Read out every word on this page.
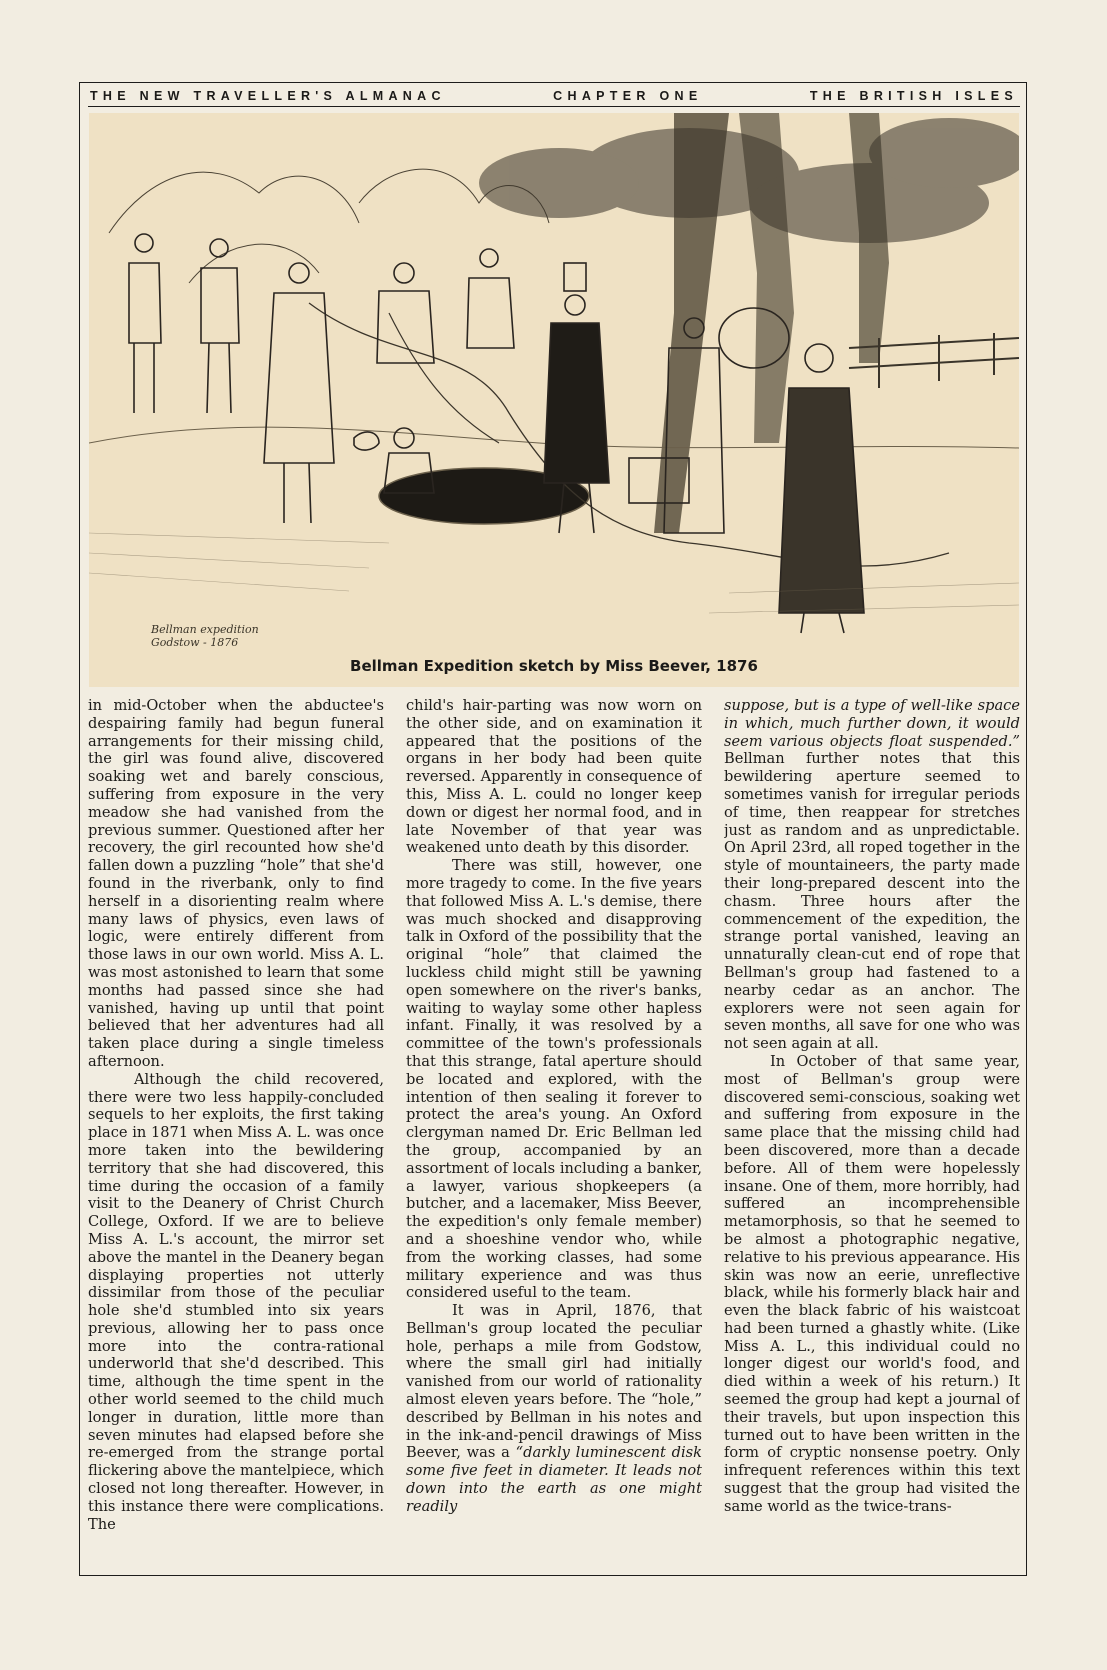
THE NEW TRAVELLER'S ALMANAC	CHAPTER ONE	THE BRITISH ISLES
Bellman expedition
Godstow - 1876
Bellman Expedition sketch by Miss Beever, 1876

in mid-October when the abductee's despairing family had begun funeral arrangements for their missing child, the girl was found alive, discovered soaking wet and barely conscious, suffering from exposure in the very meadow she had vanished from the previous summer. Questioned after her recovery, the girl recounted how she'd fallen down a puzzling “hole” that she'd found in the riverbank, only to find herself in a disorienting realm where many laws of physics, even laws of logic, were entirely different from those laws in our own world. Miss A. L. was most astonished to learn that some months had passed since she had vanished, having up until that point believed that her adventures had all taken place during a single timeless afternoon.

Although the child recovered, there were two less happily-concluded sequels to her exploits, the first taking place in 1871 when Miss A. L. was once more taken into the bewildering territory that she had discovered, this time during the occasion of a family visit to the Deanery of Christ Church College, Oxford. If we are to believe Miss A. L.'s account, the mirror set above the mantel in the Deanery began displaying properties not utterly dissimilar from those of the peculiar hole she'd stumbled into six years previous, allowing her to pass once more into the contra-rational underworld that she'd described. This time, although the time spent in the other world seemed to the child much longer in duration, little more than seven minutes had elapsed before she re-emerged from the strange portal flickering above the mantelpiece, which closed not long thereafter. However, in this instance there were complications. The

child's hair-parting was now worn on the other side, and on examination it appeared that the positions of the organs in her body had been quite reversed. Apparently in consequence of this, Miss A. L. could no longer keep down or digest her normal food, and in late November of that year was weakened unto death by this disorder.

There was still, however, one more tragedy to come. In the five years that followed Miss A. L.'s demise, there was much shocked and disapproving talk in Oxford of the possibility that the original “hole” that claimed the luckless child might still be yawning open somewhere on the river's banks, waiting to waylay some other hapless infant. Finally, it was resolved by a committee of the town's professionals that this strange, fatal aperture should be located and explored, with the intention of then sealing it forever to protect the area's young. An Oxford clergyman named Dr. Eric Bellman led the group, accompanied by an assortment of locals including a banker, a lawyer, various shopkeepers (a butcher, and a lacemaker, Miss Beever, the expedition's only female member) and a shoeshine vendor who, while from the working classes, had some military experience and was thus considered useful to the team.

It was in April, 1876, that Bellman's group located the peculiar hole, perhaps a mile from Godstow, where the small girl had initially vanished from our world of rationality almost eleven years before. The “hole,” described by Bellman in his notes and in the ink-and-pencil drawings of Miss Beever, was a “darkly luminescent disk some five feet in diameter. It leads not down into the earth as one might readily

suppose, but is a type of well-like space in which, much further down, it would seem various objects float suspended.” Bellman further notes that this bewildering aperture seemed to sometimes vanish for irregular periods of time, then reappear for stretches just as random and as unpredictable. On April 23rd, all roped together in the style of mountaineers, the party made their long-prepared descent into the chasm. Three hours after the commencement of the expedition, the strange portal vanished, leaving an unnaturally clean-cut end of rope that Bellman's group had fastened to a nearby cedar as an anchor. The explorers were not seen again for seven months, all save for one who was not seen again at all.

In October of that same year, most of Bellman's group were discovered semi-conscious, soaking wet and suffering from exposure in the same place that the missing child had been discovered, more than a decade before. All of them were hopelessly insane. One of them, more horribly, had suffered an incomprehensible metamorphosis, so that he seemed to be almost a photographic negative, relative to his previous appearance. His skin was now an eerie, unreflective black, while his formerly black hair and even the black fabric of his waistcoat had been turned a ghastly white. (Like Miss A. L., this individual could no longer digest our world's food, and died within a week of his return.) It seemed the group had kept a journal of their travels, but upon inspection this turned out to have been written in the form of cryptic nonsense poetry. Only infrequent references within this text suggest that the group had visited the same world as the twice-trans-
